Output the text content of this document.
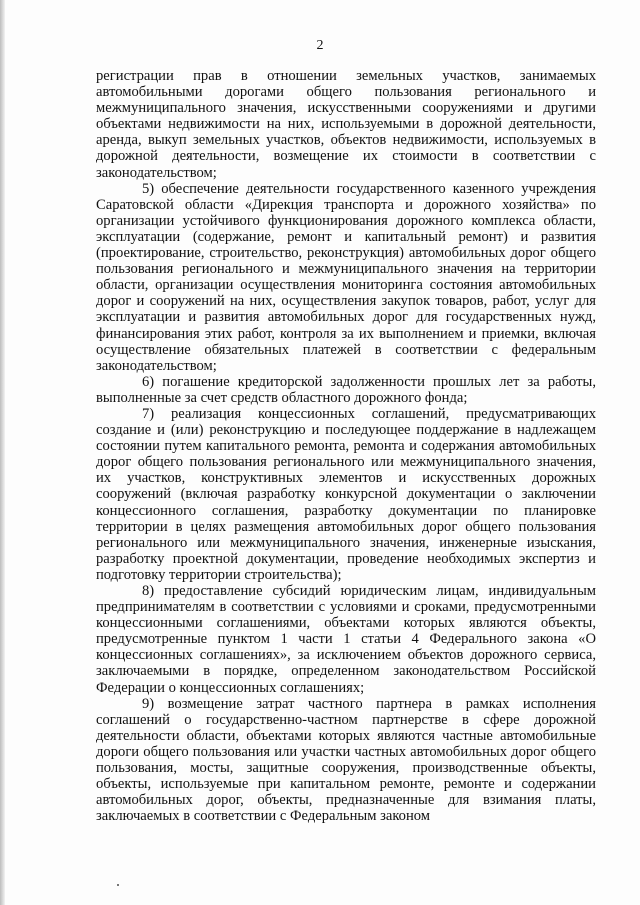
2

регистрации прав в отношении земельных участков, занимаемых автомобильными дорогами общего пользования регионального и межмуниципального значения, искусственными сооружениями и другими объектами недвижимости на них, используемыми в дорожной деятельности, аренда, выкуп земельных участков, объектов недвижимости, используемых в дорожной деятельности, возмещение их стоимости в соответствии с законодательством;

5) обеспечение деятельности государственного казенного учреждения Саратовской области «Дирекция транспорта и дорожного хозяйства» по организации устойчивого функционирования дорожного комплекса области, эксплуатации (содержание, ремонт и капитальный ремонт) и развития (проектирование, строительство, реконструкция) автомобильных дорог общего пользования регионального и межмуниципального значения на территории области, организации осуществления мониторинга состояния автомобильных дорог и сооружений на них, осуществления закупок товаров, работ, услуг для эксплуатации и развития автомобильных дорог для государственных нужд, финансирования этих работ, контроля за их выполнением и приемки, включая осуществление обязательных платежей в соответствии с федеральным законодательством;

6) погашение кредиторской задолженности прошлых лет за работы, выполненные за счет средств областного дорожного фонда;

7) реализация концессионных соглашений, предусматривающих создание и (или) реконструкцию и последующее поддержание в надлежащем состоянии путем капитального ремонта, ремонта и содержания автомобильных дорог общего пользования регионального или межмуниципального значения, их участков, конструктивных элементов и искусственных дорожных сооружений (включая разработку конкурсной документации о заключении концессионного соглашения, разработку документации по планировке территории в целях размещения автомобильных дорог общего пользования регионального или межмуниципального значения, инженерные изыскания, разработку проектной документации, проведение необходимых экспертиз и подготовку территории строительства);

8) предоставление субсидий юридическим лицам, индивидуальным предпринимателям в соответствии с условиями и сроками, предусмотренными концессионными соглашениями, объектами которых являются объекты, предусмотренные пунктом 1 части 1 статьи 4 Федерального закона «О концессионных соглашениях», за исключением объектов дорожного сервиса, заключаемыми в порядке, определенном законодательством Российской Федерации о концессионных соглашениях;

9) возмещение затрат частного партнера в рамках исполнения соглашений о государственно-частном партнерстве в сфере дорожной деятельности области, объектами которых являются частные автомобильные дороги общего пользования или участки частных автомобильных дорог общего пользования, мосты, защитные сооружения, производственные объекты, объекты, используемые при капитальном ремонте, ремонте и содержании автомобильных дорог, объекты, предназначенные для взимания платы, заключаемых в соответствии с Федеральным законом
